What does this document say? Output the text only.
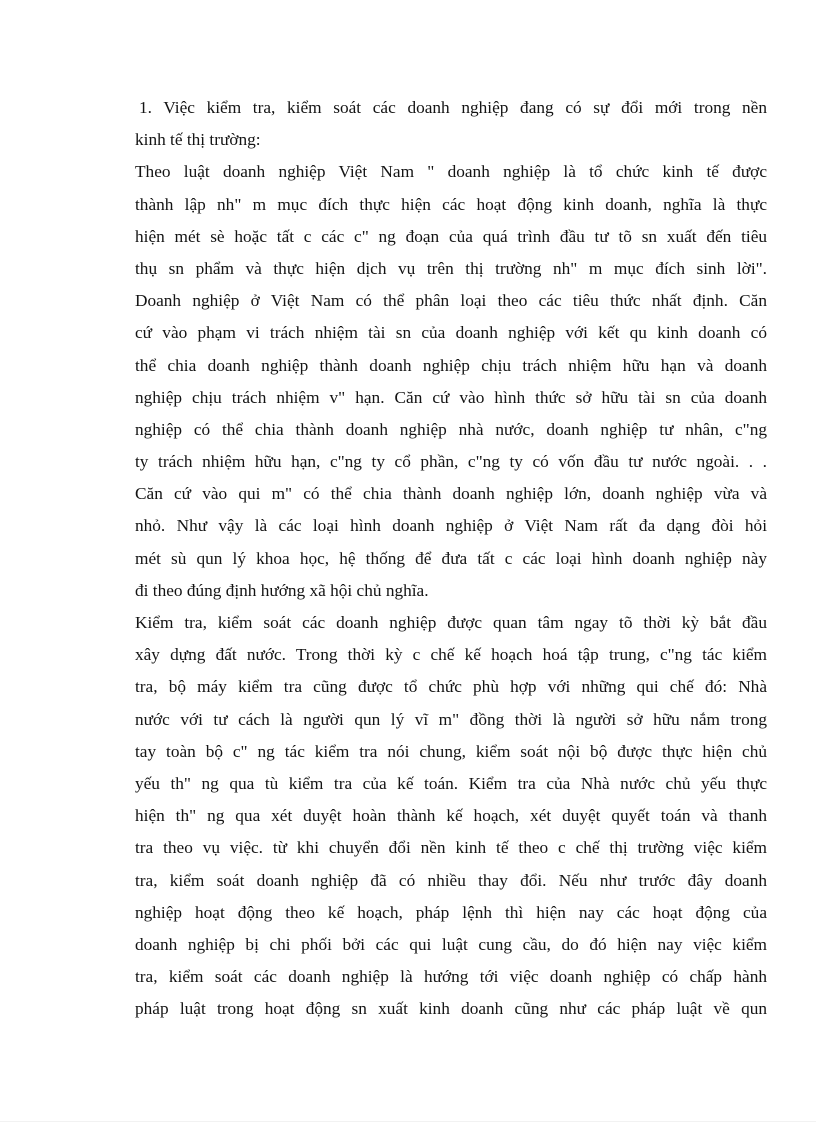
1. Việc kiểm tra, kiểm soát các doanh nghiệp đang có sự đổi mới trong nền
kinh tế thị trường:
Theo luật doanh nghiệp Việt Nam " doanh nghiệp là tổ chức kinh tế được
thành lập nh" m mục đích thực hiện các hoạt động kinh doanh, nghĩa là thực
hiện mét sè hoặc tất c các c" ng đoạn của quá trình đầu tư tõ sn xuất đến tiêu
thụ sn phẩm và thực hiện dịch vụ trên thị trường nh" m mục đích sinh lời".
Doanh nghiệp ở Việt Nam có thể phân loại theo các tiêu thức nhất định. Căn
cứ vào phạm vi trách nhiệm tài sn của doanh nghiệp với kết qu kinh doanh có
thể chia doanh nghiệp thành doanh nghiệp chịu trách nhiệm hữu hạn và doanh
nghiệp chịu trách nhiệm v" hạn. Căn cứ vào hình thức sở hữu tài sn của doanh
nghiệp có thể chia thành doanh nghiệp nhà nước, doanh nghiệp tư nhân, c"ng
ty trách nhiệm hữu hạn, c"ng ty cổ phần, c"ng ty có vốn đầu tư nước ngoài. . .
Căn cứ vào qui m" có thể chia thành doanh nghiệp lớn, doanh nghiệp vừa và
nhỏ. Như vậy là các loại hình doanh nghiệp ở Việt Nam rất đa dạng đòi hỏi
mét sù qun lý khoa học, hệ thống để đưa tất c các loại hình doanh nghiệp này
đi theo đúng định hướng xã hội chủ nghĩa.
Kiểm tra, kiểm soát các doanh nghiệp được quan tâm ngay tõ thời kỳ bắt đầu
xây dựng đất nước. Trong thời kỳ c chế kế hoạch hoá tập trung, c"ng tác kiểm
tra, bộ máy kiểm tra cũng được tổ chức phù hợp với những qui chế đó: Nhà
nước với tư cách là người qun lý vĩ m" đồng thời là người sở hữu nắm trong
tay toàn bộ c" ng tác kiểm tra nói chung, kiểm soát nội bộ được thực hiện chủ
yếu th" ng qua tù kiểm tra của kế toán. Kiểm tra của Nhà nước chủ yếu thực
hiện th" ng qua xét duyệt hoàn thành kế hoạch, xét duyệt quyết toán và thanh
tra theo vụ việc. từ khi chuyển đổi nền kinh tế theo c chế thị trường việc kiểm
tra, kiểm soát doanh nghiệp đã có nhiều thay đổi. Nếu như trước đây doanh
nghiệp hoạt động theo kế hoạch, pháp lệnh thì hiện nay các hoạt động của
doanh nghiệp bị chi phối bởi các qui luật cung cầu, do đó hiện nay việc kiểm
tra, kiểm soát các doanh nghiệp là hướng tới việc doanh nghiệp có chấp hành
pháp luật trong hoạt động sn xuất kinh doanh cũng như các pháp luật về qun
